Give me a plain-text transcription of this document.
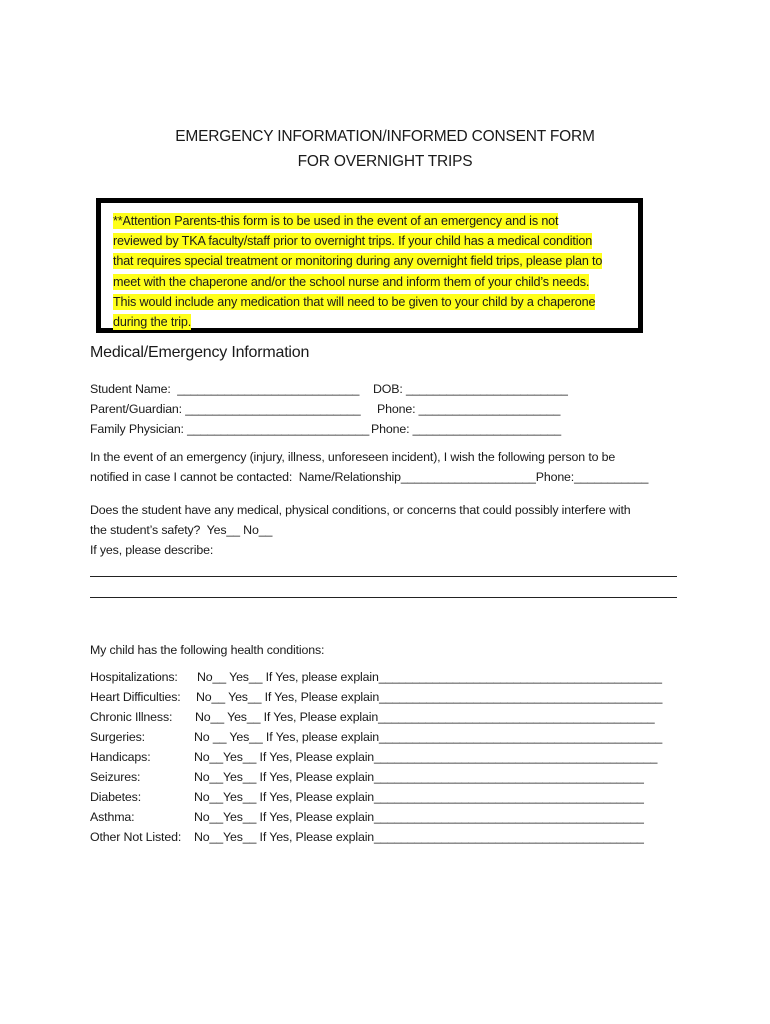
EMERGENCY INFORMATION/INFORMED CONSENT FORM
FOR OVERNIGHT TRIPS
**Attention Parents-this form is to be used in the event of an emergency and is not
reviewed by TKA faculty/staff prior to overnight trips. If your child has a medical condition
that requires special treatment or monitoring during any overnight field trips, please plan to
meet with the chaperone and/or the school nurse and inform them of your child’s needs.
This would include any medication that will need to be given to your child by a chaperone
during the trip.
Medical/Emergency Information
Student Name:  ___________________________ DOB: ________________________
Parent/Guardian: __________________________ Phone: _____________________
Family Physician: ___________________________ Phone: ______________________
In the event of an emergency (injury, illness, unforeseen incident), I wish the following person to be
notified in case I cannot be contacted:  Name/Relationship____________________Phone:___________
Does the student have any medical, physical conditions, or concerns that could possibly interfere with
the student’s safety?  Yes__ No__
If yes, please describe:
My child has the following health conditions:
Hospitalizations: No__ Yes__ If Yes, please explain__________________________________________
Heart Difficulties: No__ Yes__ If Yes, Please explain__________________________________________
Chronic Illness: No__ Yes__ If Yes, Please explain_________________________________________
Surgeries:	No __ Yes__ If Yes, please explain__________________________________________
Handicaps:	No__Yes__ If Yes, Please explain__________________________________________
Seizures:	No__Yes__ If Yes, Please explain________________________________________
Diabetes:	No__Yes__ If Yes, Please explain________________________________________
Asthma:	No__Yes__ If Yes, Please explain________________________________________
Other Not Listed: No__Yes__ If Yes, Please explain________________________________________
